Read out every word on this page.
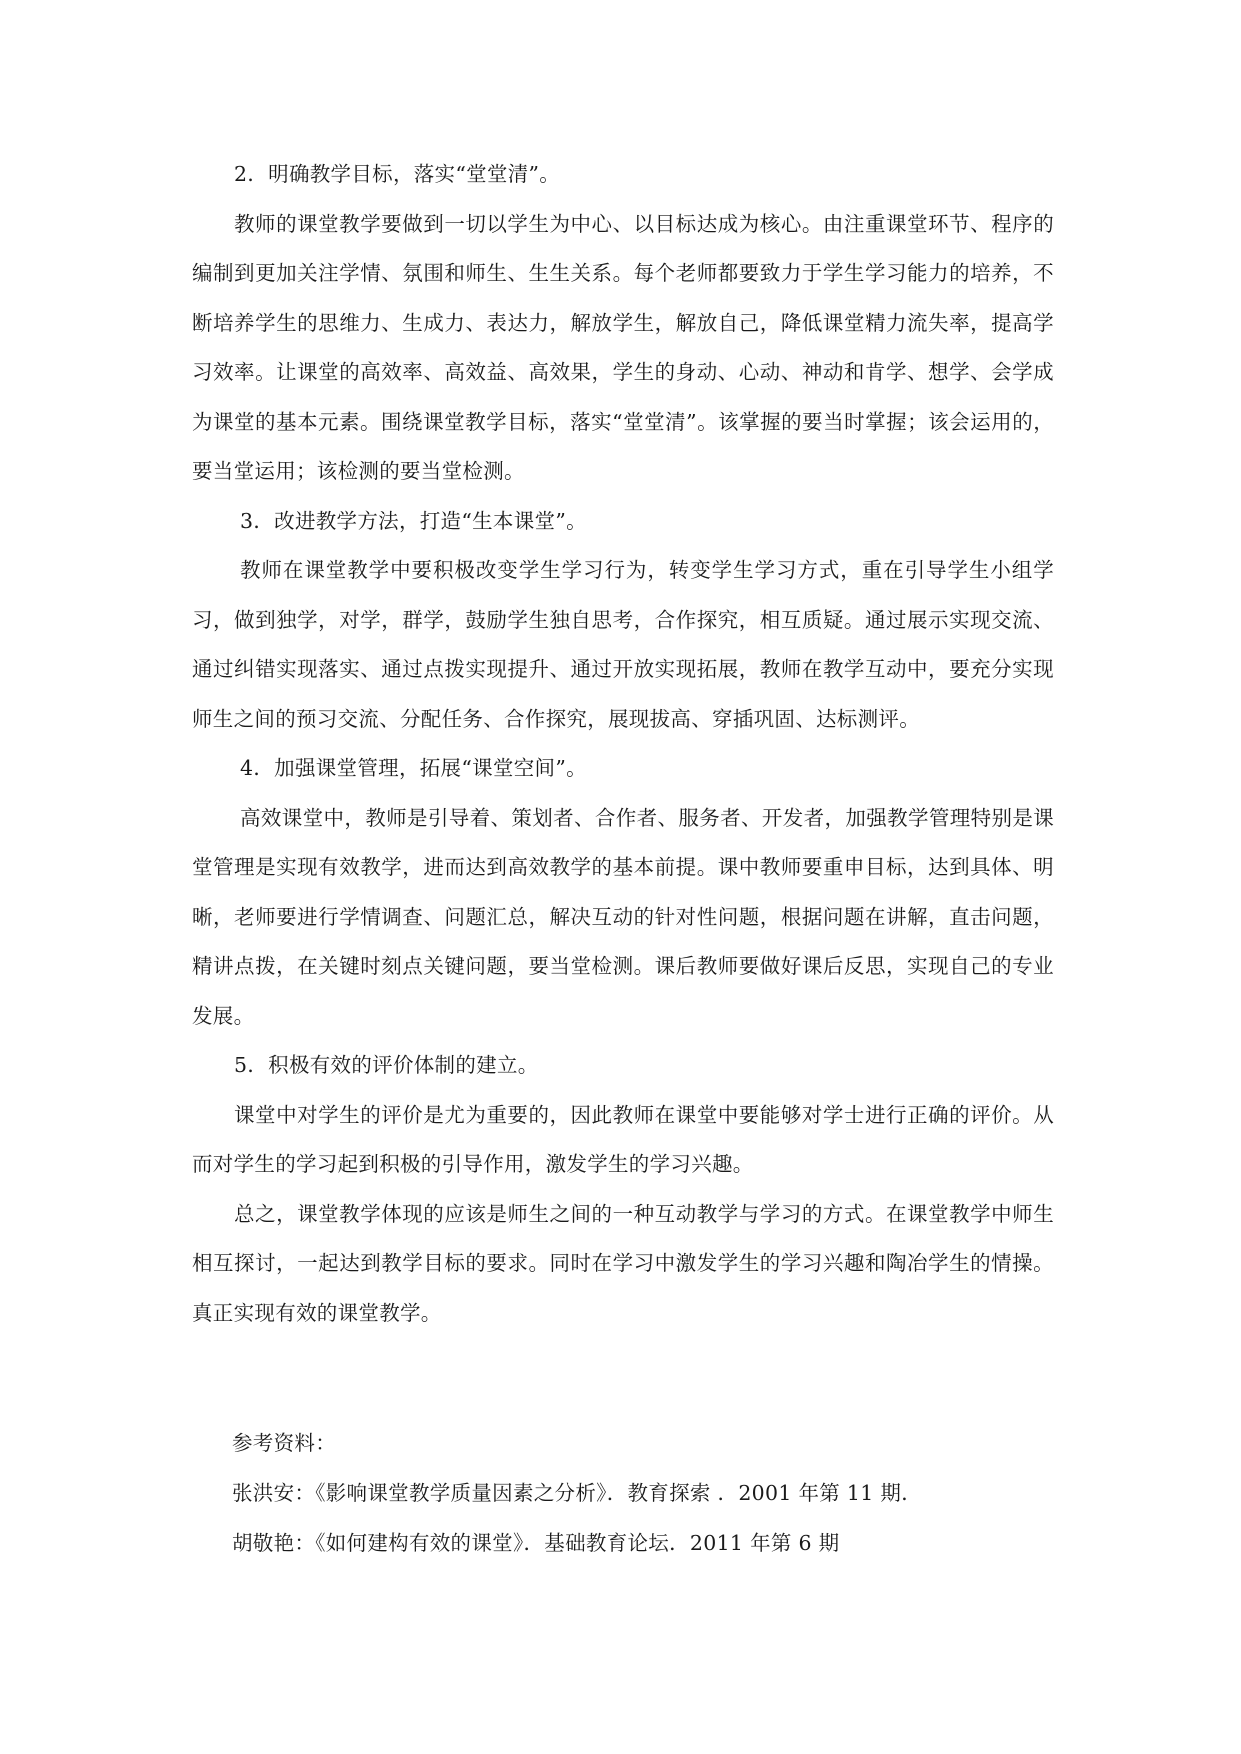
2．明确教学目标，落实“堂堂清”。

教师的课堂教学要做到一切以学生为中心、以目标达成为核心。由注重课堂环节、程序的编制到更加关注学情、氛围和师生、生生关系。每个老师都要致力于学生学习能力的培养，不断培养学生的思维力、生成力、表达力，解放学生，解放自己，降低课堂精力流失率，提高学习效率。让课堂的高效率、高效益、高效果，学生的身动、心动、神动和肯学、想学、会学成为课堂的基本元素。围绕课堂教学目标，落实“堂堂清”。该掌握的要当时掌握；该会运用的，要当堂运用；该检测的要当堂检测。

3．改进教学方法，打造“生本课堂”。

教师在课堂教学中要积极改变学生学习行为，转变学生学习方式，重在引导学生小组学习，做到独学，对学，群学，鼓励学生独自思考，合作探究，相互质疑。通过展示实现交流、通过纠错实现落实、通过点拨实现提升、通过开放实现拓展，教师在教学互动中，要充分实现师生之间的预习交流、分配任务、合作探究，展现拔高、穿插巩固、达标测评。

4．加强课堂管理，拓展“课堂空间”。

高效课堂中，教师是引导着、策划者、合作者、服务者、开发者，加强教学管理特别是课堂管理是实现有效教学，进而达到高效教学的基本前提。课中教师要重申目标，达到具体、明晰，老师要进行学情调查、问题汇总，解决互动的针对性问题，根据问题在讲解，直击问题，精讲点拨，在关键时刻点关键问题，要当堂检测。课后教师要做好课后反思，实现自己的专业发展。

5．积极有效的评价体制的建立。

课堂中对学生的评价是尤为重要的，因此教师在课堂中要能够对学士进行正确的评价。从而对学生的学习起到积极的引导作用，激发学生的学习兴趣。

总之，课堂教学体现的应该是师生之间的一种互动教学与学习的方式。在课堂教学中师生相互探讨，一起达到教学目标的要求。同时在学习中激发学生的学习兴趣和陶冶学生的情操。真正实现有效的课堂教学。

参考资料：

张洪安：《影响课堂教学质量因素之分析》．教育探索 ．2001 年第 11 期．

胡敬艳：《如何建构有效的课堂》．基础教育论坛．2011 年第 6 期
